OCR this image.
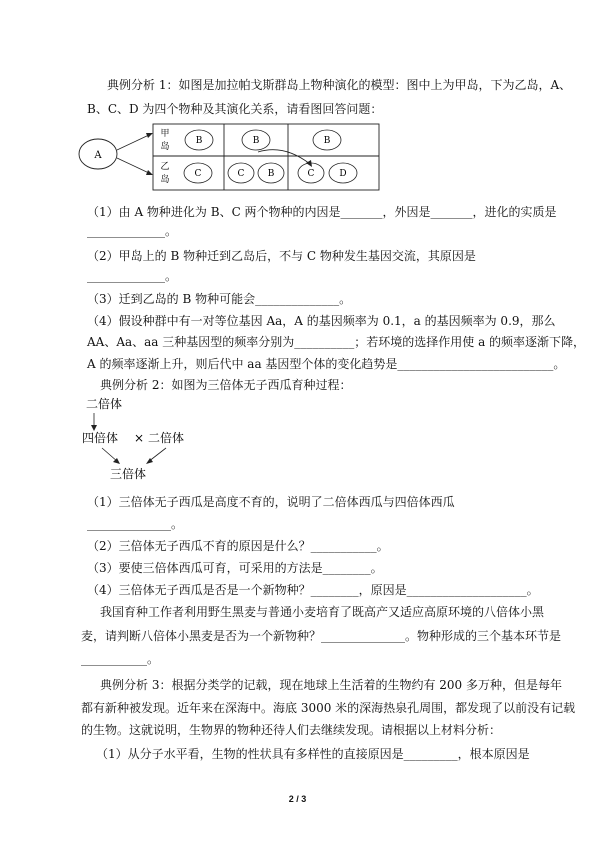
典例分析 1：如图是加拉帕戈斯群岛上物种演化的模型：图中上为甲岛，下为乙岛，A、
B、C、D 为四个物种及其演化关系，请看图回答问题：
A
甲
岛
乙
岛
B	B	B
C	C	B	C	D
（1）由 A 物种进化为 B、C 两个物种的内因是_______，外因是_______，进化的实质是
_____________。
（2）甲岛上的 B 物种迁到乙岛后，不与 C 物种发生基因交流，其原因是
_____________。
（3）迁到乙岛的 B 物种可能会______________。
（4）假设种群中有一对等位基因 Aa，A 的基因频率为 0.1，a 的基因频率为 0.9，那么
AA、Aa、aa 三种基因型的频率分别为__________；若环境的选择作用使 a 的频率逐渐下降，
A 的频率逐渐上升，则后代中 aa 基因型个体的变化趋势是__________________________。
典例分析 2：如图为三倍体无子西瓜育种过程：
二倍体
四倍体 × 二倍体
三倍体
（1）三倍体无子西瓜是高度不育的，说明了二倍体西瓜与四倍体西瓜
______________。
（2）三倍体无子西瓜不育的原因是什么？___________。
（3）要使三倍体西瓜可育，可采用的方法是________。
（4）三倍体无子西瓜是否是一个新物种？________，原因是____________________。
我国育种工作者利用野生黑麦与普通小麦培育了既高产又适应高原环境的八倍体小黑
麦，请判断八倍体小黑麦是否为一个新物种？______________。物种形成的三个基本环节是
___________。
典例分析 3：根据分类学的记载，现在地球上生活着的生物约有 200 多万种，但是每年
都有新种被发现。近年来在深海中。海底 3000 米的深海热泉孔周围，都发现了以前没有记载
的生物。这就说明，生物界的物种还待人们去继续发现。请根据以上材料分析：
（1）从分子水平看，生物的性状具有多样性的直接原因是_________，根本原因是
2 / 3
